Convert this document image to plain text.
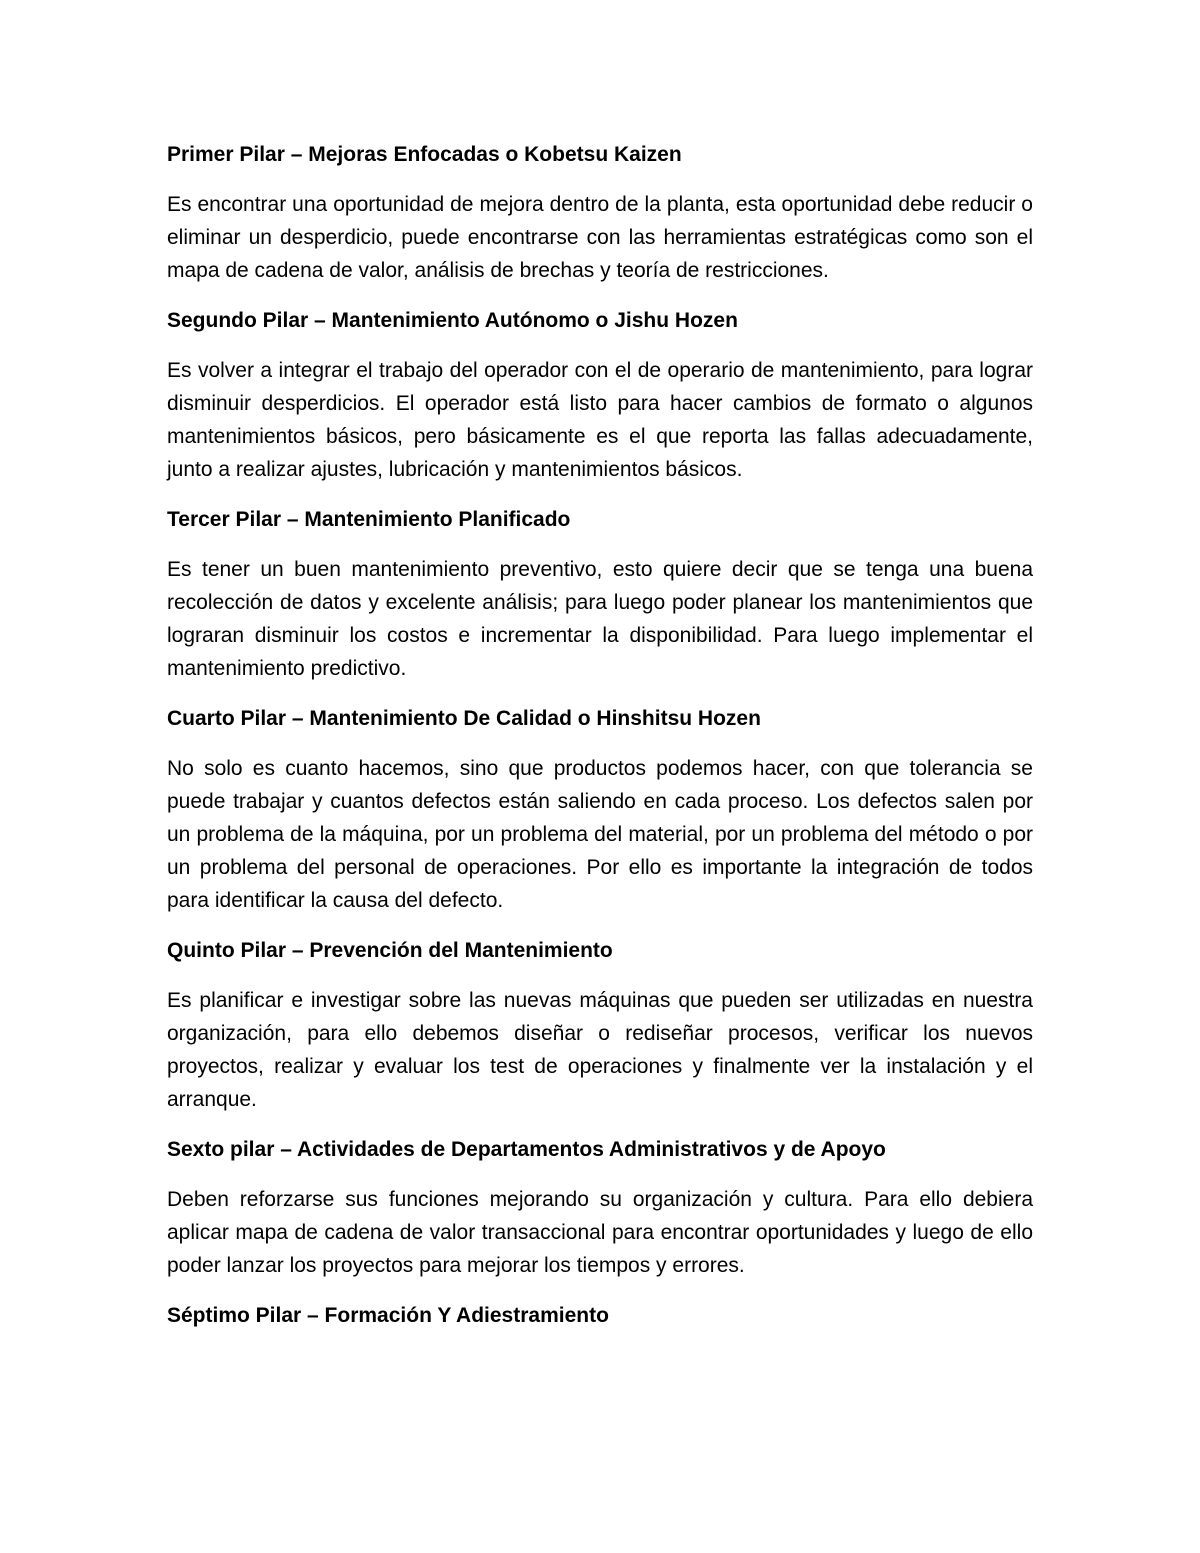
Primer Pilar – Mejoras Enfocadas o Kobetsu Kaizen
Es encontrar una oportunidad de mejora dentro de la planta, esta oportunidad debe reducir o eliminar un desperdicio, puede encontrarse con las herramientas estratégicas como son el mapa de cadena de valor, análisis de brechas y teoría de restricciones.
Segundo Pilar – Mantenimiento Autónomo o Jishu Hozen
Es volver a integrar el trabajo del operador con el de operario de mantenimiento, para lograr disminuir desperdicios. El operador está listo para hacer cambios de formato o algunos mantenimientos básicos, pero básicamente es el que reporta las fallas adecuadamente, junto a realizar ajustes, lubricación y mantenimientos básicos.
Tercer Pilar – Mantenimiento Planificado
Es tener un buen mantenimiento preventivo, esto quiere decir que se tenga una buena recolección de datos y excelente análisis; para luego poder planear los mantenimientos que lograran disminuir los costos e incrementar la disponibilidad. Para luego implementar el mantenimiento predictivo.
Cuarto Pilar – Mantenimiento De Calidad o Hinshitsu Hozen
No solo es cuanto hacemos, sino que productos podemos hacer, con que tolerancia se puede trabajar y cuantos defectos están saliendo en cada proceso. Los defectos salen por un problema de la máquina, por un problema del material, por un problema del método o por un problema del personal de operaciones. Por ello es importante la integración de todos para identificar la causa del defecto.
Quinto Pilar – Prevención del Mantenimiento
Es planificar e investigar sobre las nuevas máquinas que pueden ser utilizadas en nuestra organización, para ello debemos diseñar o rediseñar procesos, verificar los nuevos proyectos, realizar y evaluar los test de operaciones y finalmente ver la instalación y el arranque.
Sexto pilar – Actividades de Departamentos Administrativos y de Apoyo
Deben reforzarse sus funciones mejorando su organización y cultura. Para ello debiera aplicar mapa de cadena de valor transaccional para encontrar oportunidades y luego de ello poder lanzar los proyectos para mejorar los tiempos y errores.
Séptimo Pilar – Formación Y Adiestramiento
